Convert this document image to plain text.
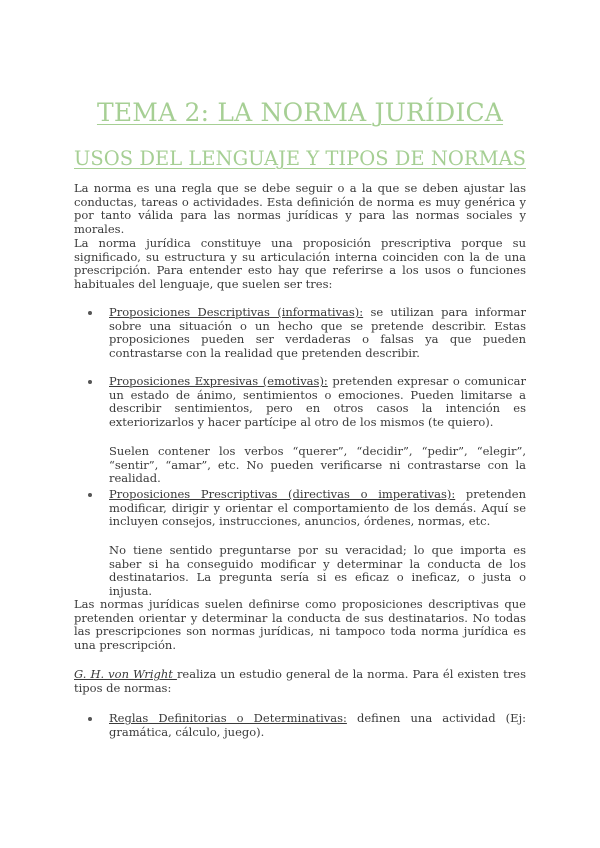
TEMA 2: LA NORMA JURÍDICA
USOS DEL LENGUAJE Y TIPOS DE NORMAS

La norma es una regla que se debe seguir o a la que se deben ajustar las conductas, tareas o actividades. Esta definición de norma es muy genérica y por tanto válida para las normas jurídicas y para las normas sociales y morales.

La norma jurídica constituye una proposición prescriptiva porque su significado, su estructura y su articulación interna coinciden con la de una prescripción. Para entender esto hay que referirse a los usos o funciones habituales del lenguaje, que suelen ser tres:

Proposiciones Descriptivas (informativas): se utilizan para informar sobre una situación o un hecho que se pretende describir. Estas proposiciones pueden ser verdaderas o falsas ya que pueden contrastarse con la realidad que pretenden describir.

Proposiciones Expresivas (emotivas): pretenden expresar o comunicar un estado de ánimo, sentimientos o emociones. Pueden limitarse a describir sentimientos, pero en otros casos la intención es exteriorizarlos y hacer partícipe al otro de los mismos (te quiero).

Suelen contener los verbos “querer”, “decidir”, “pedir”, “elegir”, “sentir”, “amar”, etc. No pueden verificarse ni contrastarse con la realidad.

Proposiciones Prescriptivas (directivas o imperativas): pretenden modificar, dirigir y orientar el comportamiento de los demás. Aquí se incluyen consejos, instrucciones, anuncios, órdenes, normas, etc.

No tiene sentido preguntarse por su veracidad; lo que importa es saber si ha conseguido modificar y determinar la conducta de los destinatarios. La pregunta sería si es eficaz o ineficaz, o justa o injusta.

Las normas jurídicas suelen definirse como proposiciones descriptivas que pretenden orientar y determinar la conducta de sus destinatarios. No todas las prescripciones son normas jurídicas, ni tampoco toda norma jurídica es una prescripción.

G. H. von Wright realiza un estudio general de la norma. Para él existen tres tipos de normas:

Reglas Definitorias o Determinativas: definen una actividad (Ej: gramática, cálculo, juego).
